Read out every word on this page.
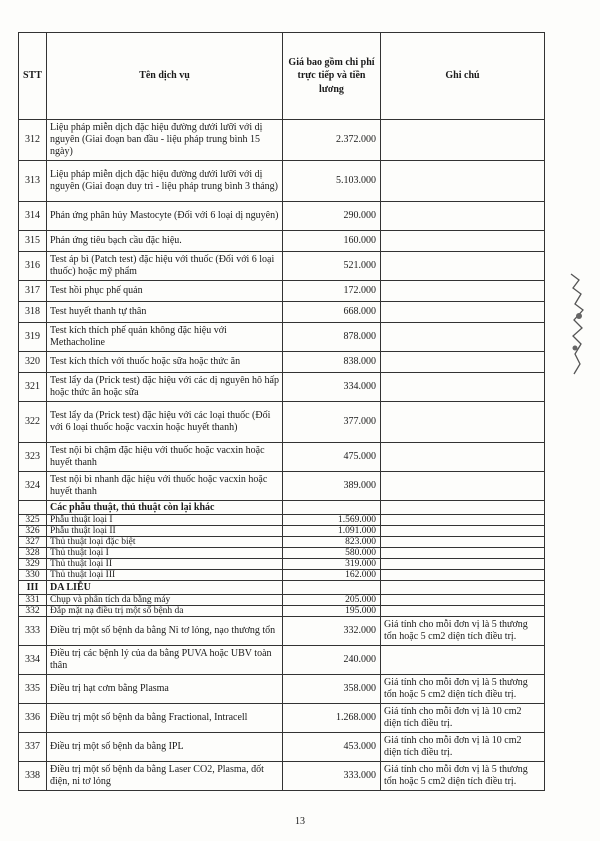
STT	Tên dịch vụ	Giá bao gồm chi phí trực tiếp và tiền lương	Ghi chú
312	Liệu pháp miễn dịch đặc hiệu đường dưới lưỡi với dị nguyên (Giai đoạn ban đầu - liệu pháp trung bình 15 ngày)	2.372.000	
313	Liệu pháp miễn dịch đặc hiệu đường dưới lưỡi với dị nguyên (Giai đoạn duy trì - liệu pháp trung bình 3 tháng)	5.103.000	
314	Phản ứng phân hủy Mastocyte (Đối với 6 loại dị nguyên)	290.000	
315	Phản ứng tiêu bạch cầu đặc hiệu.	160.000	
316	Test áp bì (Patch test) đặc hiệu với thuốc (Đối với 6 loại thuốc) hoặc mỹ phẩm	521.000	
317	Test hồi phục phế quản	172.000	
318	Test huyết thanh tự thân	668.000	
319	Test kích thích phế quản không đặc hiệu với Methacholine	878.000	
320	Test kích thích với thuốc hoặc sữa hoặc thức ăn	838.000	
321	Test lẩy da (Prick test) đặc hiệu với các dị nguyên hô hấp hoặc thức ăn hoặc sữa	334.000	
322	Test lẩy da (Prick test) đặc hiệu với các loại thuốc (Đối với 6 loại thuốc hoặc vacxin hoặc huyết thanh)	377.000	
323	Test nội bì chậm đặc hiệu với thuốc hoặc vacxin hoặc huyết thanh	475.000	
324	Test nội bì nhanh đặc hiệu với thuốc hoặc vacxin hoặc huyết thanh	389.000	
	Các phẫu thuật, thủ thuật còn lại khác		
325	Phẫu thuật loại I	1.569.000	
326	Phẫu thuật loại II	1.091.000	
327	Thủ thuật loại đặc biệt	823.000	
328	Thủ thuật loại I	580.000	
329	Thủ thuật loại II	319.000	
330	Thủ thuật loại III	162.000	
III	DA LIỄU		
331	Chụp và phân tích da bằng máy	205.000	
332	Đắp mặt nạ điều trị một số bệnh da	195.000	
333	Điều trị một số bệnh da bằng Ni tơ lỏng, nạo thương tổn	332.000	Giá tính cho mỗi đơn vị là 5 thương tổn hoặc 5 cm2 diện tích điều trị.
334	Điều trị các bệnh lý của da bằng PUVA hoặc UBV toàn thân	240.000	
335	Điều trị hạt cơm bằng Plasma	358.000	Giá tính cho mỗi đơn vị là 5 thương tổn hoặc 5 cm2 diện tích điều trị.
336	Điều trị một số bệnh da bằng Fractional, Intracell	1.268.000	Giá tính cho mỗi đơn vị là 10 cm2 diện tích điều trị.
337	Điều trị một số bệnh da bằng IPL	453.000	Giá tính cho mỗi đơn vị là 10 cm2 diện tích điều trị.
338	Điều trị một số bệnh da bằng Laser CO2, Plasma, đốt điện, ni tơ lỏng	333.000	Giá tính cho mỗi đơn vị là 5 thương tổn hoặc 5 cm2 diện tích điều trị.
13
